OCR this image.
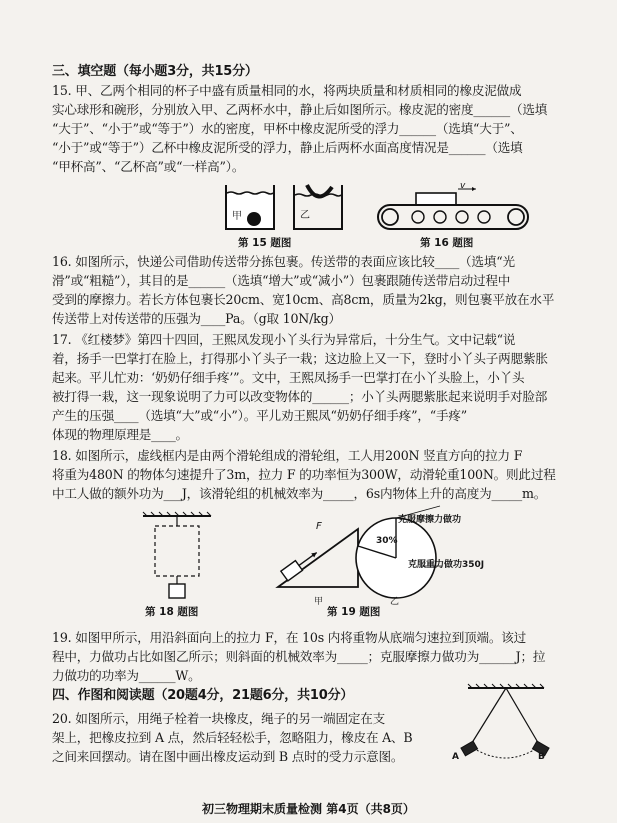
三、填空题（每小题3分，共15分）
15. 甲、乙两个相同的杯子中盛有质量相同的水，将两块质量和材质相同的橡皮泥做成
实心球形和碗形，分别放入甲、乙两杯水中，静止后如图所示。橡皮泥的密度______（选填
“大于”、“小于”或“等于”）水的密度，甲杯中橡皮泥所受的浮力______（选填“大于”、
“小于”或“等于”）乙杯中橡皮泥所受的浮力，静止后两杯水面高度情况是______（选填
“甲杯高”、“乙杯高”或“一样高”）。
甲	乙
第 15 题图
v
第 16 题图
16. 如图所示，快递公司借助传送带分拣包裹。传送带的表面应该比较____（选填“光
滑”或“粗糙”），其目的是______（选填“增大”或“减小”）包裹跟随传送带启动过程中
受到的摩擦力。若长方体包裹长20cm、宽10cm、高8cm，质量为2kg，则包裹平放在水平
传送带上对传送带的压强为____Pa。（g取 10N/kg）
17. 《红楼梦》第四十四回，王熙凤发现小丫头行为异常后，十分生气。文中记载“说
着，扬手一巴掌打在脸上，打得那小丫头子一栽；这边脸上又一下，登时小丫头子两腮紫胀
起来。平儿忙劝：‘奶奶仔细手疼’”。文中，王熙凤扬手一巴掌打在小丫头脸上，小丫头
被打得一栽，这一现象说明了力可以改变物体的______；小丫头两腮紫胀起来说明手对脸部
产生的压强____（选填“大”或“小”）。平儿劝王熙凤“奶奶仔细手疼”，“手疼”
体现的物理原理是____。
18. 如图所示，虚线框内是由两个滑轮组成的滑轮组，工人用200N 竖直方向的拉力 F
将重为480N 的物体匀速提升了3m，拉力 F 的功率恒为300W，动滑轮重100N。则此过程
中工人做的额外功为___J，该滑轮组的机械效率为_____，6s内物体上升的高度为_____m。
第 18 题图
F
甲
30%
克服摩擦力做功
克服重力做功350J
乙
第 19 题图
19. 如图甲所示，用沿斜面向上的拉力 F，在 10s 内将重物从底端匀速拉到顶端。该过
程中，力做功占比如图乙所示；则斜面的机械效率为_____；克服摩擦力做功为______J；拉
力做功的功率为______W。
四、作图和阅读题（20题4分，21题6分，共10分）
20. 如图所示，用绳子栓着一块橡皮，绳子的另一端固定在支
架上，把橡皮拉到 A 点，然后轻轻松手，忽略阻力，橡皮在 A、B
之间来回摆动。请在图中画出橡皮运动到 B 点时的受力示意图。	A	B
初三物理期末质量检测 第4页（共8页）
